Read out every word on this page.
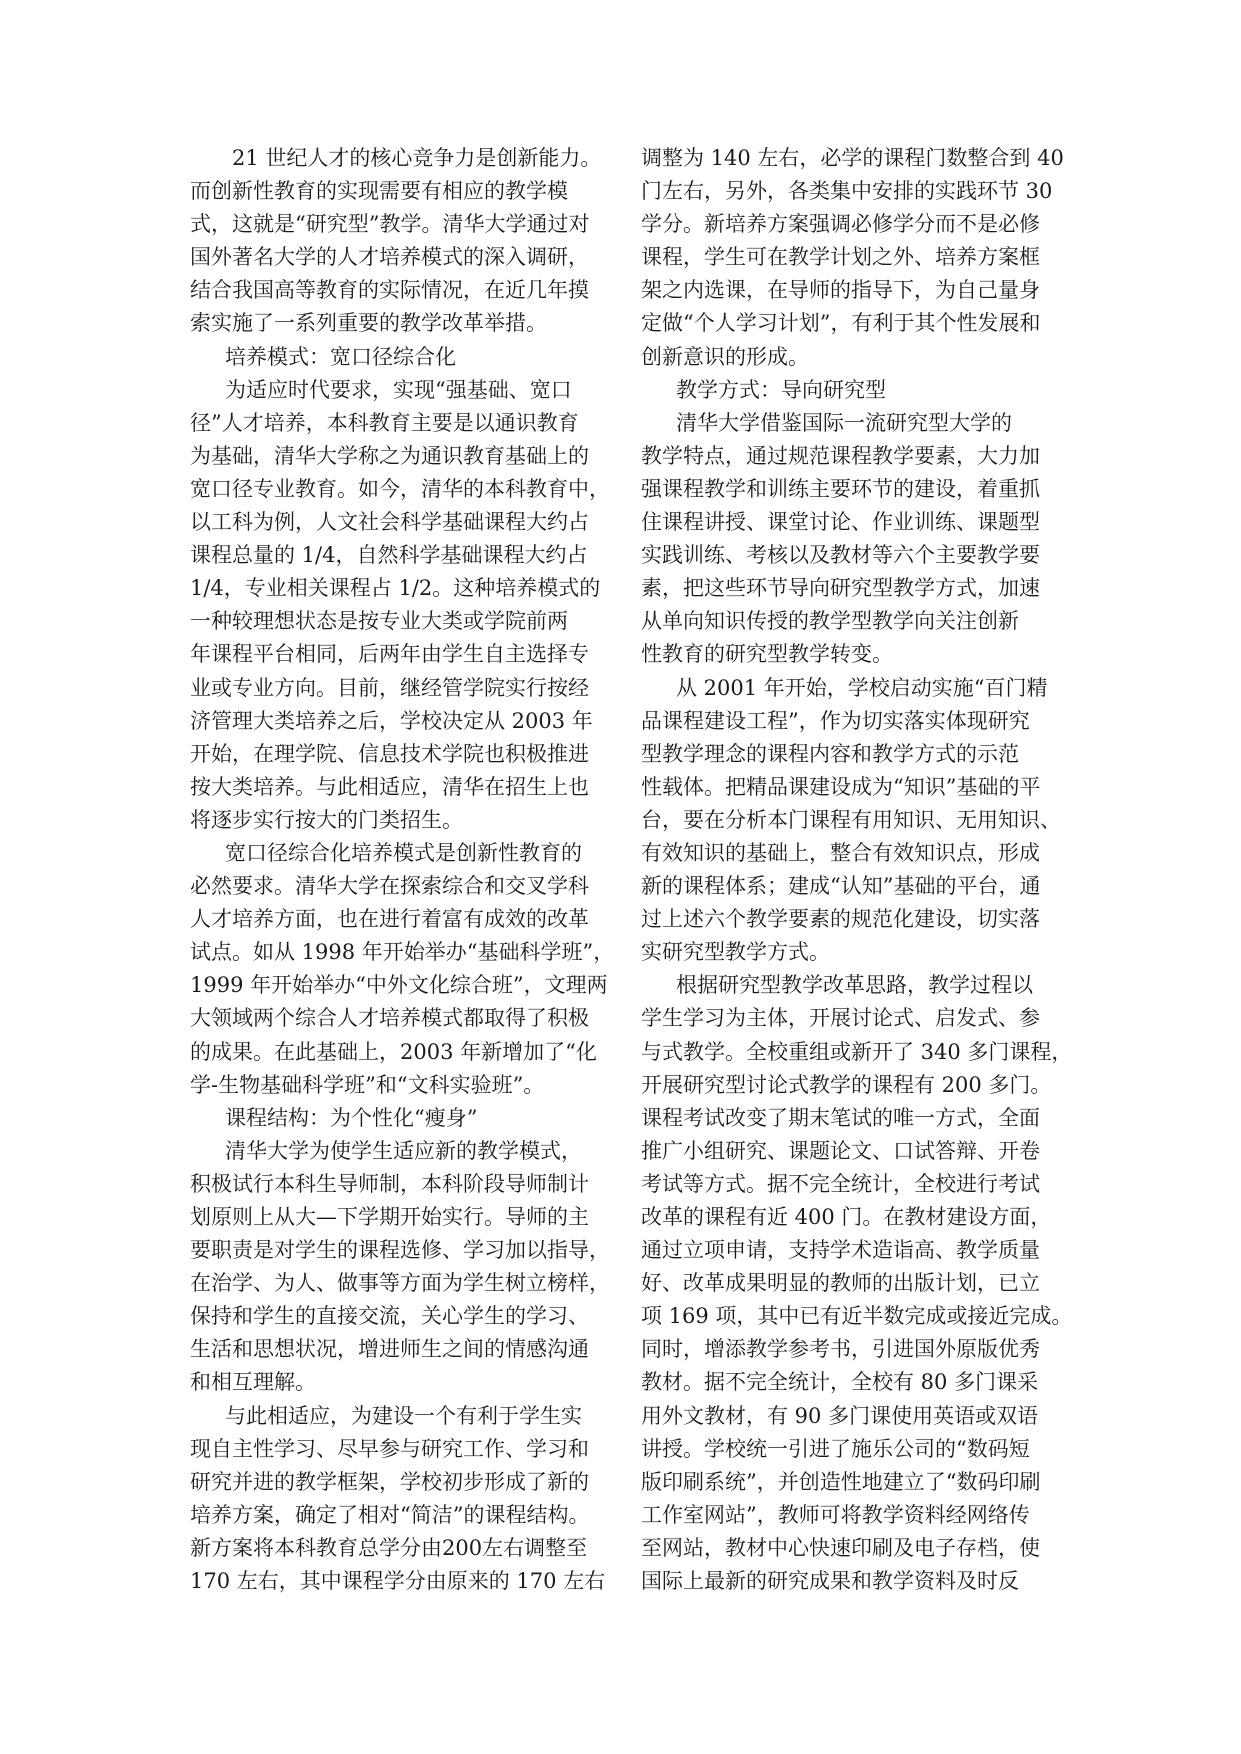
21 世纪人才的核心竞争力是创新能力。
而创新性教育的实现需要有相应的教学模
式，这就是“研究型”教学。清华大学通过对
国外著名大学的人才培养模式的深入调研，
结合我国高等教育的实际情况，在近几年摸
索实施了一系列重要的教学改革举措。
培养模式：宽口径综合化
为适应时代要求，实现“强基础、宽口
径”人才培养，本科教育主要是以通识教育
为基础，清华大学称之为通识教育基础上的
宽口径专业教育。如今，清华的本科教育中，
以工科为例，人文社会科学基础课程大约占
课程总量的 1/4，自然科学基础课程大约占
1/4，专业相关课程占 1/2。这种培养模式的
一种较理想状态是按专业大类或学院前两
年课程平台相同，后两年由学生自主选择专
业或专业方向。目前，继经管学院实行按经
济管理大类培养之后，学校决定从 2003 年
开始，在理学院、信息技术学院也积极推进
按大类培养。与此相适应，清华在招生上也
将逐步实行按大的门类招生。
宽口径综合化培养模式是创新性教育的
必然要求。清华大学在探索综合和交叉学科
人才培养方面，也在进行着富有成效的改革
试点。如从 1998 年开始举办“基础科学班”，
1999 年开始举办“中外文化综合班”，文理两
大领域两个综合人才培养模式都取得了积极
的成果。在此基础上，2003 年新增加了“化
学-生物基础科学班”和“文科实验班”。
课程结构：为个性化“瘦身”
清华大学为使学生适应新的教学模式，
积极试行本科生导师制，本科阶段导师制计
划原则上从大—下学期开始实行。导师的主
要职责是对学生的课程选修、学习加以指导，
在治学、为人、做事等方面为学生树立榜样，
保持和学生的直接交流，关心学生的学习、
生活和思想状况，增进师生之间的情感沟通
和相互理解。
与此相适应，为建设一个有利于学生实
现自主性学习、尽早参与研究工作、学习和
研究并进的教学框架，学校初步形成了新的
培养方案，确定了相对“简洁”的课程结构。
新方案将本科教育总学分由200左右调整至
170 左右，其中课程学分由原来的 170 左右
调整为 140 左右，必学的课程门数整合到 40
门左右，另外，各类集中安排的实践环节 30
学分。新培养方案强调必修学分而不是必修
课程，学生可在教学计划之外、培养方案框
架之内选课，在导师的指导下，为自己量身
定做“个人学习计划”，有利于其个性发展和
创新意识的形成。
教学方式：导向研究型
清华大学借鉴国际一流研究型大学的
教学特点，通过规范课程教学要素，大力加
强课程教学和训练主要环节的建设，着重抓
住课程讲授、课堂讨论、作业训练、课题型
实践训练、考核以及教材等六个主要教学要
素，把这些环节导向研究型教学方式，加速
从单向知识传授的教学型教学向关注创新
性教育的研究型教学转变。
从 2001 年开始，学校启动实施“百门精
品课程建设工程”，作为切实落实体现研究
型教学理念的课程内容和教学方式的示范
性载体。把精品课建设成为“知识”基础的平
台，要在分析本门课程有用知识、无用知识、
有效知识的基础上，整合有效知识点，形成
新的课程体系；建成“认知”基础的平台，通
过上述六个教学要素的规范化建设，切实落
实研究型教学方式。
根据研究型教学改革思路，教学过程以
学生学习为主体，开展讨论式、启发式、参
与式教学。全校重组或新开了 340 多门课程，
开展研究型讨论式教学的课程有 200 多门。
课程考试改变了期末笔试的唯一方式，全面
推广小组研究、课题论文、口试答辩、开卷
考试等方式。据不完全统计，全校进行考试
改革的课程有近 400 门。在教材建设方面，
通过立项申请，支持学术造诣高、教学质量
好、改革成果明显的教师的出版计划，已立
项 169 项，其中已有近半数完成或接近完成。
同时，增添教学参考书，引进国外原版优秀
教材。据不完全统计，全校有 80 多门课采
用外文教材，有 90 多门课使用英语或双语
讲授。学校统一引进了施乐公司的“数码短
版印刷系统”，并创造性地建立了“数码印刷
工作室网站”，教师可将教学资料经网络传
至网站，教材中心快速印刷及电子存档，使
国际上最新的研究成果和教学资料及时反
